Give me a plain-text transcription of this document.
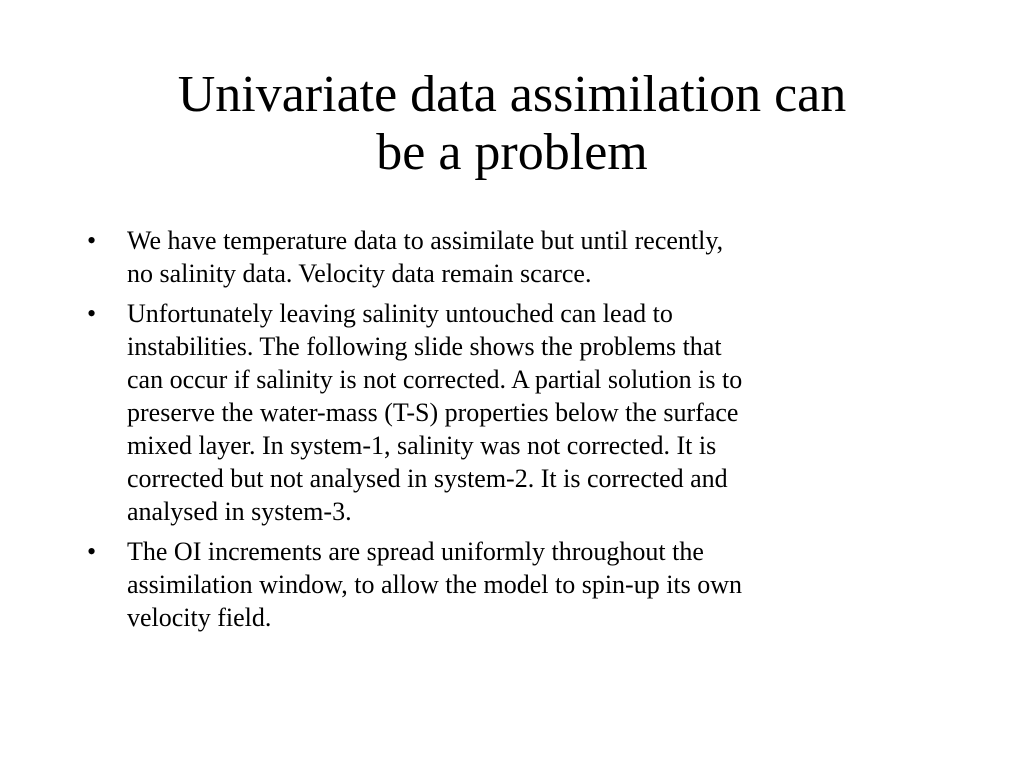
Univariate data assimilation can
be a problem
• We have temperature data to assimilate but until recently,
no salinity data. Velocity data remain scarce.
• Unfortunately leaving salinity untouched can lead to
instabilities. The following slide shows the problems that
can occur if salinity is not corrected. A partial solution is to
preserve the water-mass (T-S) properties below the surface
mixed layer. In system-1, salinity was not corrected. It is
corrected but not analysed in system-2. It is corrected and
analysed in system-3.
• The OI increments are spread uniformly throughout the
assimilation window, to allow the model to spin-up its own
velocity field.
